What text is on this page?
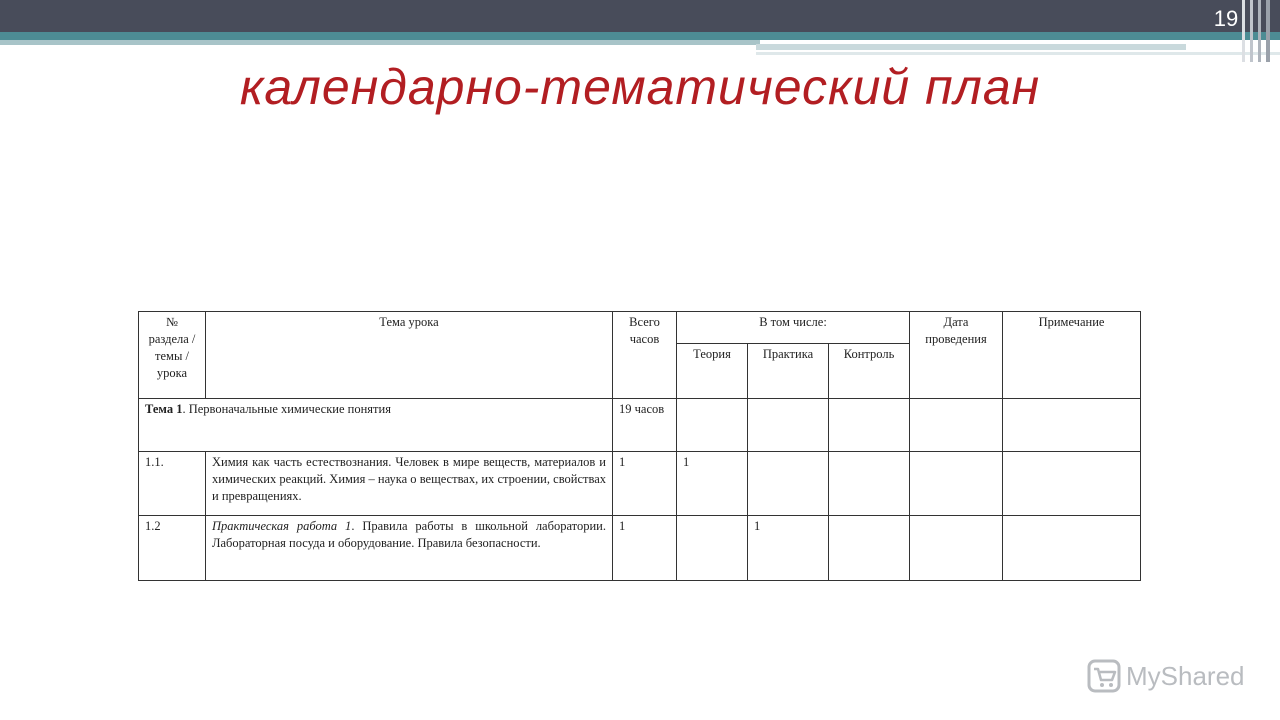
19
календарно-тематический план
№ раздела / темы / урока	Тема урока	Всего часов	В том числе:			Дата проведения	Примечание
			Теория	Практика	Контроль		
Тема 1. Первоначальные химические понятия		19 часов					
1.1.	Химия как часть естествознания. Человек в мире веществ, материалов и химических реакций. Химия – наука о веществах, их строении, свойствах и превращениях.	1	1				
1.2	Практическая работа 1. Правила работы в школьной лаборатории. Лабораторная посуда и оборудование. Правила безопасности.	1		1			
MyShared
